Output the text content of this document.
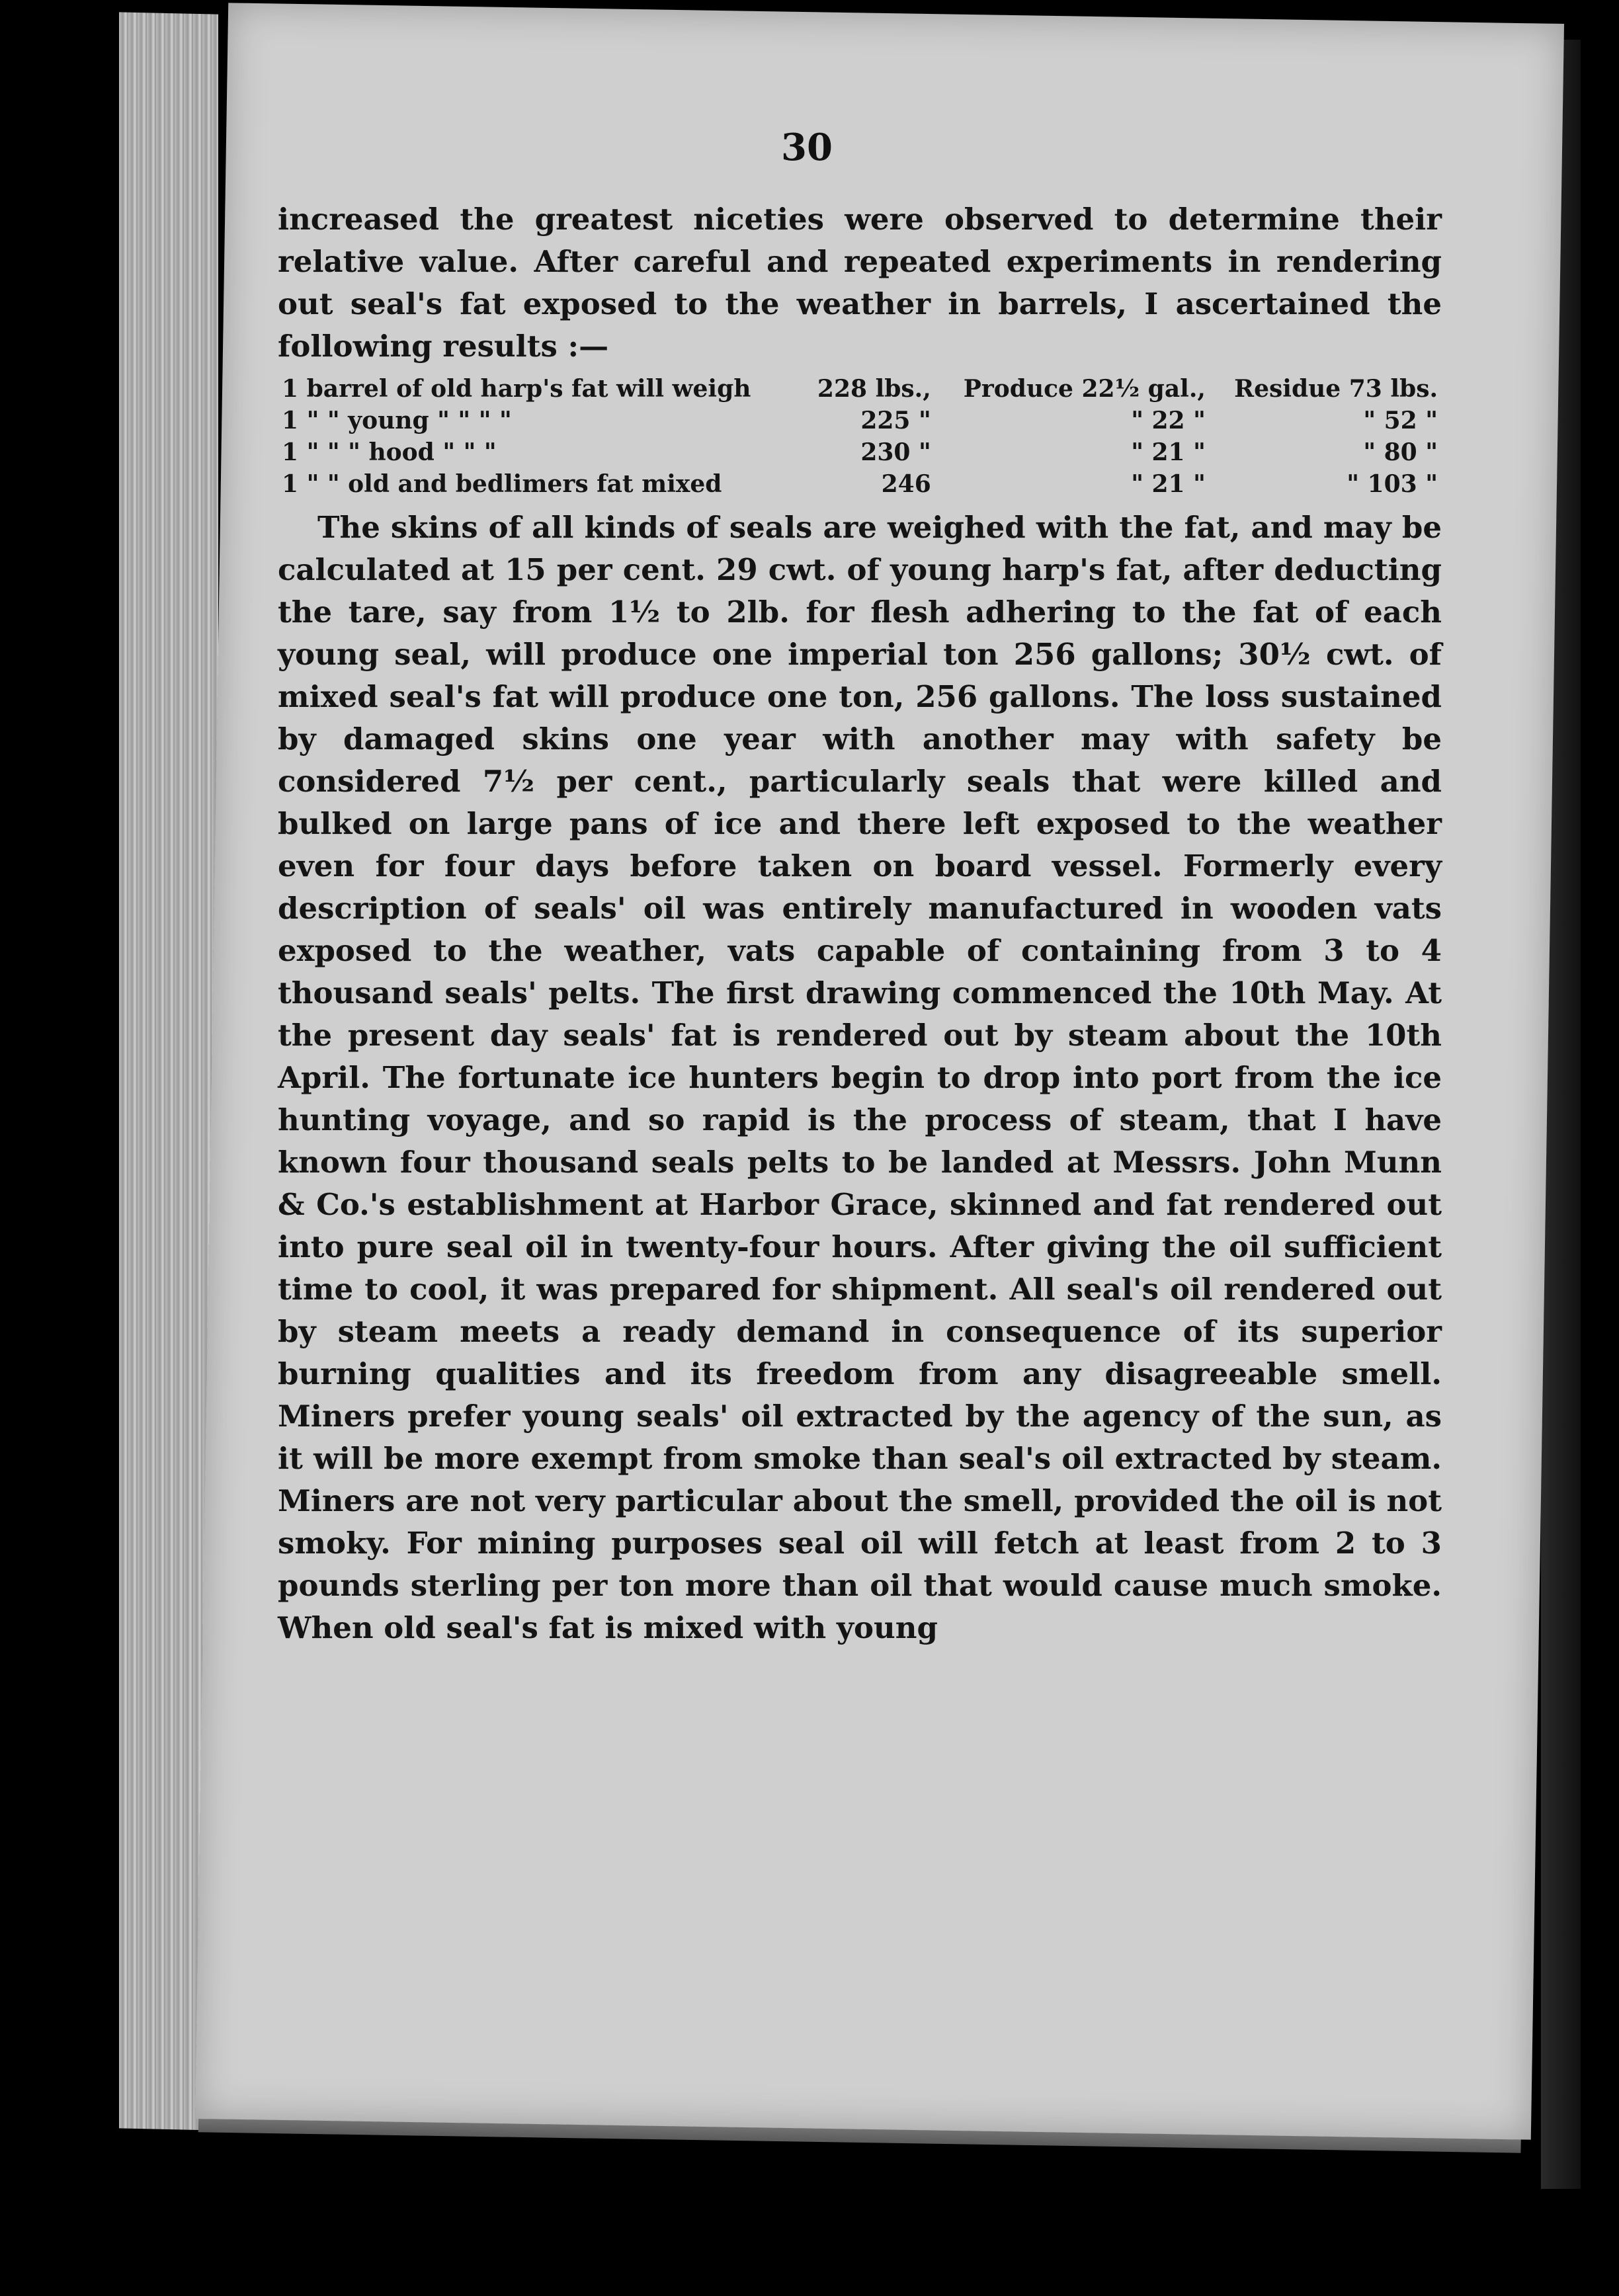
30

increased the greatest niceties were observed to determine their relative value. After careful and repeated experiments in rendering out seal's fat exposed to the weather in barrels, I ascertained the following results :—

1 barrel of old harp's fat will weigh	228 lbs.,	Produce 22½ gal.,	Residue 73 lbs.
1 " " young " " " "	225 "	" 22 "	" 52 "
1 " " " hood " " "	230 "	" 21 "	" 80 "
1 " " old and bedlimers fat mixed	246	" 21 "	" 103 "

The skins of all kinds of seals are weighed with the fat, and may be calculated at 15 per cent. 29 cwt. of young harp's fat, after deducting the tare, say from 1½ to 2lb. for flesh adhering to the fat of each young seal, will produce one imperial ton 256 gallons; 30½ cwt. of mixed seal's fat will produce one ton, 256 gallons. The loss sustained by damaged skins one year with another may with safety be considered 7½ per cent., particularly seals that were killed and bulked on large pans of ice and there left exposed to the weather even for four days before taken on board vessel. Formerly every description of seals' oil was entirely manufactured in wooden vats exposed to the weather, vats capable of containing from 3 to 4 thousand seals' pelts. The first drawing commenced the 10th May. At the present day seals' fat is rendered out by steam about the 10th April. The fortunate ice hunters begin to drop into port from the ice hunting voyage, and so rapid is the process of steam, that I have known four thousand seals pelts to be landed at Messrs. John Munn & Co.'s establishment at Harbor Grace, skinned and fat rendered out into pure seal oil in twenty-four hours. After giving the oil sufficient time to cool, it was prepared for shipment. All seal's oil rendered out by steam meets a ready demand in consequence of its superior burning qualities and its freedom from any disagreeable smell. Miners prefer young seals' oil extracted by the agency of the sun, as it will be more exempt from smoke than seal's oil extracted by steam. Miners are not very particular about the smell, provided the oil is not smoky. For mining purposes seal oil will fetch at least from 2 to 3 pounds sterling per ton more than oil that would cause much smoke. When old seal's fat is mixed with young
